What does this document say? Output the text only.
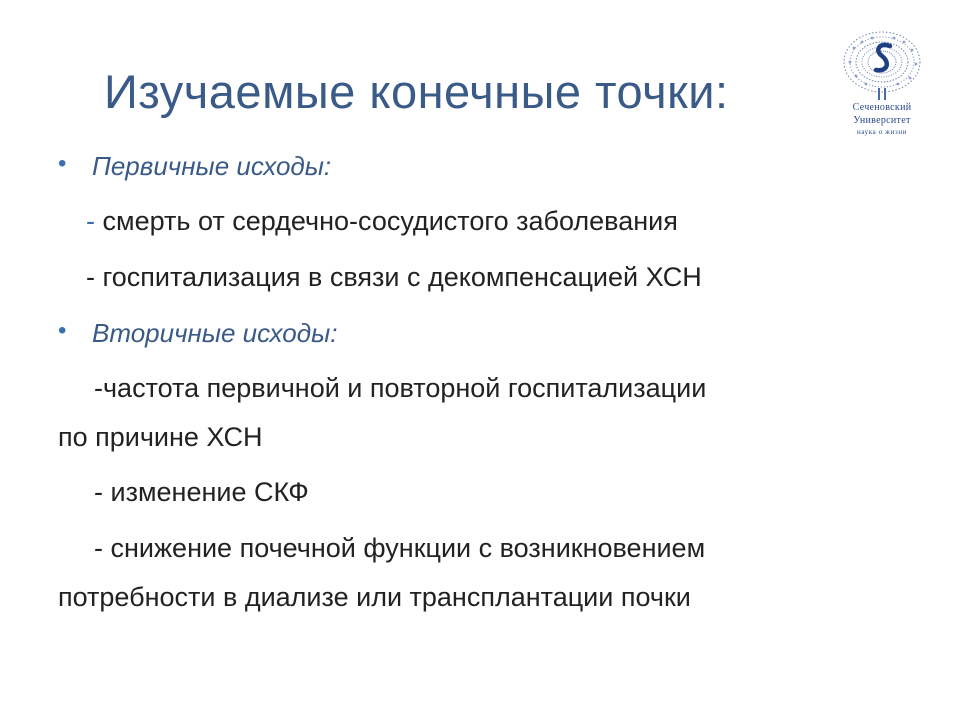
Изучаемые конечные точки:	Сеченовский
Университет
наука о жизни
• Первичные исходы:
- смерть от сердечно-сосудистого заболевания
- госпитализация в связи с декомпенсацией ХСН
• Вторичные исходы:
-частота первичной и повторной госпитализации
по причине ХСН
- изменение СКФ
- снижение почечной функции с возникновением
потребности в диализе или трансплантации почки
